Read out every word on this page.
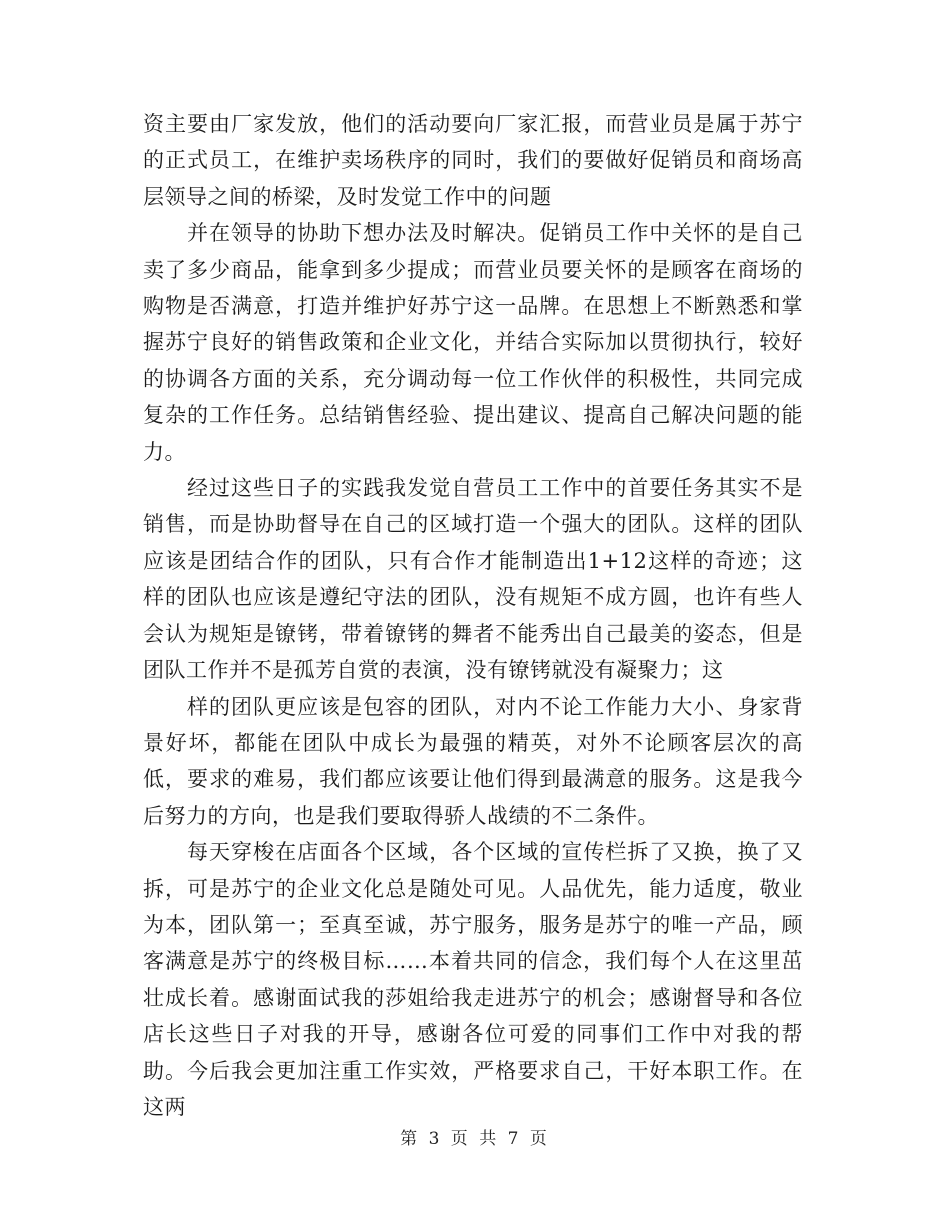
资主要由厂家发放，他们的活动要向厂家汇报，而营业员是属于苏宁的正式员工，在维护卖场秩序的同时，我们的要做好促销员和商场高层领导之间的桥梁，及时发觉工作中的问题

并在领导的协助下想办法及时解决。促销员工作中关怀的是自己卖了多少商品，能拿到多少提成；而营业员要关怀的是顾客在商场的购物是否满意，打造并维护好苏宁这一品牌。在思想上不断熟悉和掌握苏宁良好的销售政策和企业文化，并结合实际加以贯彻执行，较好的协调各方面的关系，充分调动每一位工作伙伴的积极性，共同完成复杂的工作任务。总结销售经验、提出建议、提高自己解决问题的能力。

经过这些日子的实践我发觉自营员工工作中的首要任务其实不是销售，而是协助督导在自己的区域打造一个强大的团队。这样的团队应该是团结合作的团队，只有合作才能制造出1+12这样的奇迹；这样的团队也应该是遵纪守法的团队，没有规矩不成方圆，也许有些人会认为规矩是镣铐，带着镣铐的舞者不能秀出自己最美的姿态，但是团队工作并不是孤芳自赏的表演，没有镣铐就没有凝聚力；这

样的团队更应该是包容的团队，对内不论工作能力大小、身家背景好坏，都能在团队中成长为最强的精英，对外不论顾客层次的高低，要求的难易，我们都应该要让他们得到最满意的服务。这是我今后努力的方向，也是我们要取得骄人战绩的不二条件。

每天穿梭在店面各个区域，各个区域的宣传栏拆了又换，换了又拆，可是苏宁的企业文化总是随处可见。人品优先，能力适度，敬业为本，团队第一；至真至诚，苏宁服务，服务是苏宁的唯一产品，顾客满意是苏宁的终极目标……本着共同的信念，我们每个人在这里茁壮成长着。感谢面试我的莎姐给我走进苏宁的机会；感谢督导和各位店长这些日子对我的开导，感谢各位可爱的同事们工作中对我的帮助。今后我会更加注重工作实效，严格要求自己，干好本职工作。在这两

第 3 页 共 7 页
